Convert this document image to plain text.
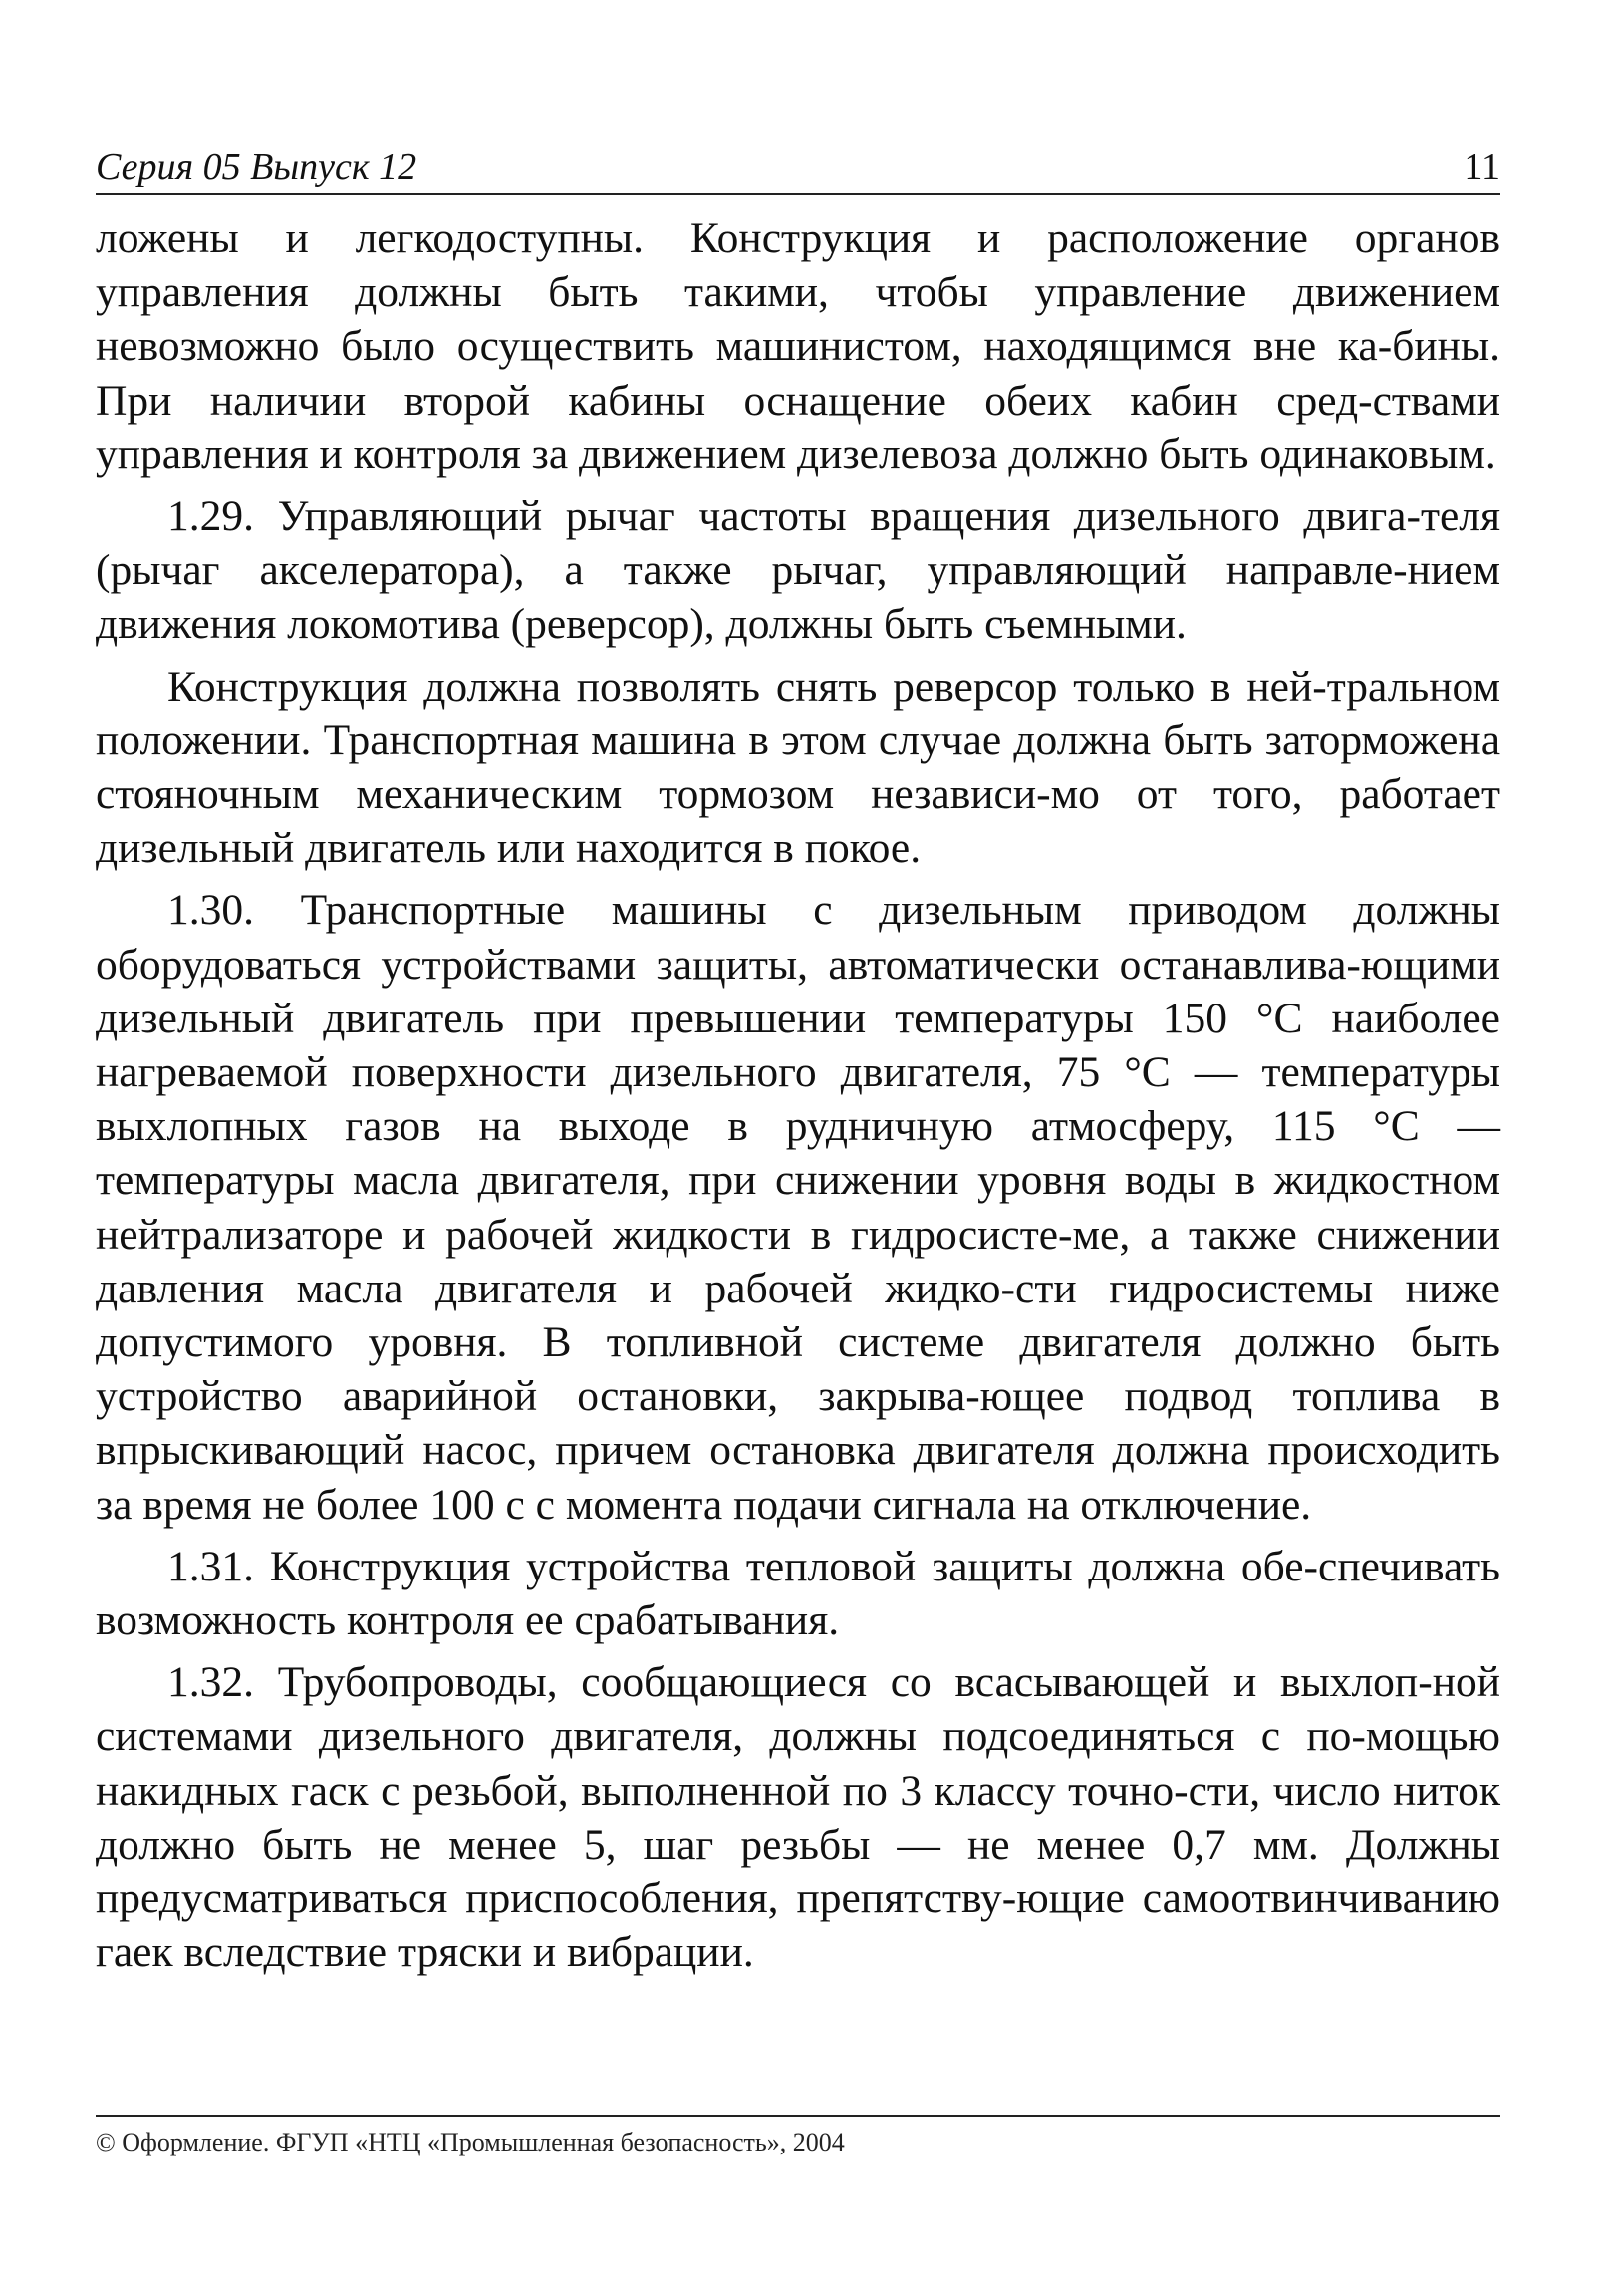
Серия 05 Выпуск 12	11

ложены и легкодоступны. Конструкция и расположение органов управления должны быть такими, чтобы управление движением невозможно было осуществить машинистом, находящимся вне ка-бины. При наличии второй кабины оснащение обеих кабин сред-ствами управления и контроля за движением дизелевоза должно быть одинаковым.

1.29. Управляющий рычаг частоты вращения дизельного двига-теля (рычаг акселератора), а также рычаг, управляющий направле-нием движения локомотива (реверсор), должны быть съемными.

Конструкция должна позволять снять реверсор только в ней-тральном положении. Транспортная машина в этом случае должна быть заторможена стояночным механическим тормозом независи-мо от того, работает дизельный двигатель или находится в покое.

1.30. Транспортные машины с дизельным приводом должны оборудоваться устройствами защиты, автоматически останавлива-ющими дизельный двигатель при превышении температуры 150 °С наиболее нагреваемой поверхности дизельного двигателя, 75 °С — температуры выхлопных газов на выходе в рудничную атмосферу, 115 °С — температуры масла двигателя, при снижении уровня воды в жидкостном нейтрализаторе и рабочей жидкости в гидросисте-ме, а также снижении давления масла двигателя и рабочей жидко-сти гидросистемы ниже допустимого уровня. В топливной системе двигателя должно быть устройство аварийной остановки, закрыва-ющее подвод топлива в впрыскивающий насос, причем остановка двигателя должна происходить за время не более 100 с с момента подачи сигнала на отключение.

1.31. Конструкция устройства тепловой защиты должна обе-спечивать возможность контроля ее срабатывания.

1.32. Трубопроводы, сообщающиеся со всасывающей и выхлоп-ной системами дизельного двигателя, должны подсоединяться с по-мощью накидных гаск с резьбой, выполненной по 3 классу точно-сти, число ниток должно быть не менее 5, шаг резьбы — не менее 0,7 мм. Должны предусматриваться приспособления, препятству-ющие самоотвинчиванию гаек вследствие тряски и вибрации.

© Оформление. ФГУП «НТЦ «Промышленная безопасность», 2004
